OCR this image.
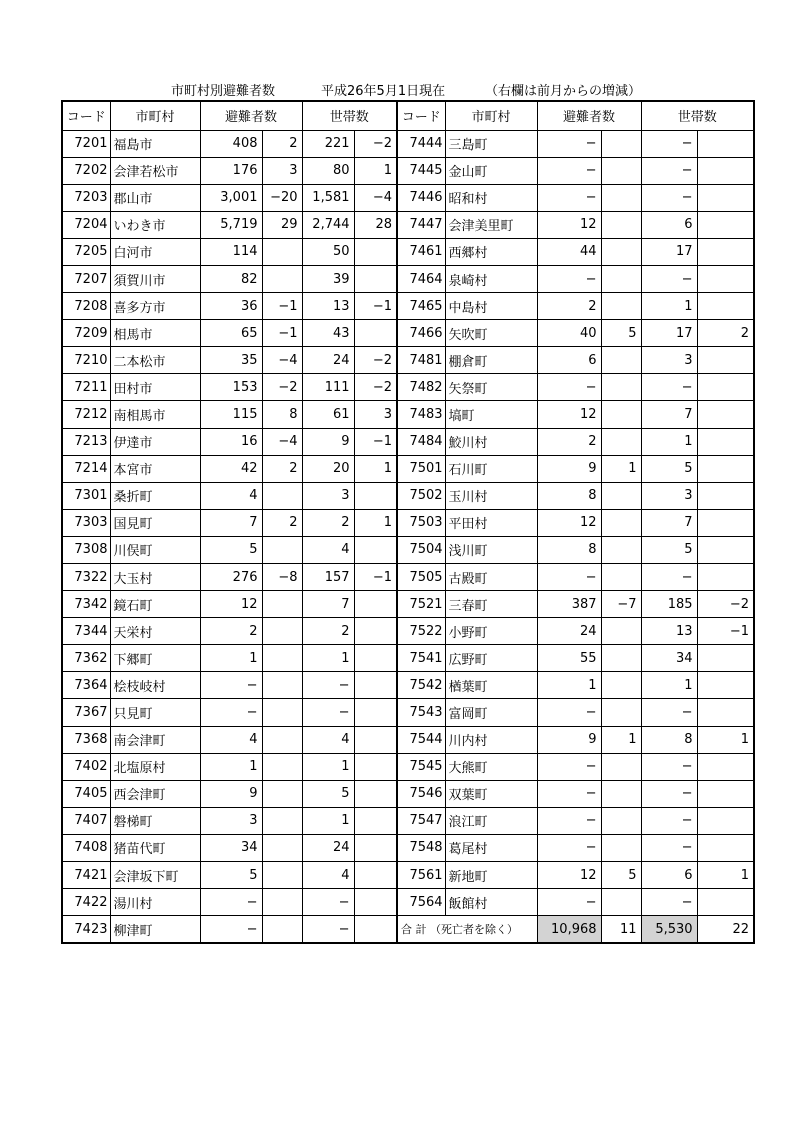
市町村別避難者数	平成26年5月1日現在	（右欄は前月からの増減）
コード	市町村	避難者数		世帯数		コード	市町村	避難者数		世帯数	
7201	福島市	408	2	221	−2	7444	三島町	−		−	
7202	会津若松市	176	3	80	1	7445	金山町	−		−	
7203	郡山市	3,001	−20	1,581	−4	7446	昭和村	−		−	
7204	いわき市	5,719	29	2,744	28	7447	会津美里町	12		6	
7205	白河市	114		50		7461	西郷村	44		17	
7207	須賀川市	82		39		7464	泉崎村	−		−	
7208	喜多方市	36	−1	13	−1	7465	中島村	2		1	
7209	相馬市	65	−1	43		7466	矢吹町	40	5	17	2
7210	二本松市	35	−4	24	−2	7481	棚倉町	6		3	
7211	田村市	153	−2	111	−2	7482	矢祭町	−		−	
7212	南相馬市	115	8	61	3	7483	塙町	12		7	
7213	伊達市	16	−4	9	−1	7484	鮫川村	2		1	
7214	本宮市	42	2	20	1	7501	石川町	9	1	5	
7301	桑折町	4		3		7502	玉川村	8		3	
7303	国見町	7	2	2	1	7503	平田村	12		7	
7308	川俣町	5		4		7504	浅川町	8		5	
7322	大玉村	276	−8	157	−1	7505	古殿町	−		−	
7342	鏡石町	12		7		7521	三春町	387	−7	185	−2
7344	天栄村	2		2		7522	小野町	24		13	−1
7362	下郷町	1		1		7541	広野町	55		34	
7364	桧枝岐村	−		−		7542	楢葉町	1		1	
7367	只見町	−		−		7543	富岡町	−		−	
7368	南会津町	4		4		7544	川内村	9	1	8	1
7402	北塩原村	1		1		7545	大熊町	−		−	
7405	西会津町	9		5		7546	双葉町	−		−	
7407	磐梯町	3		1		7547	浪江町	−		−	
7408	猪苗代町	34		24		7548	葛尾村	−		−	
7421	会津坂下町	5		4		7561	新地町	12	5	6	1
7422	湯川村	−		−		7564	飯館村	−		−	
7423	柳津町	−		−		合 計 （死亡者を除く）		10,968	11	5,530	22
